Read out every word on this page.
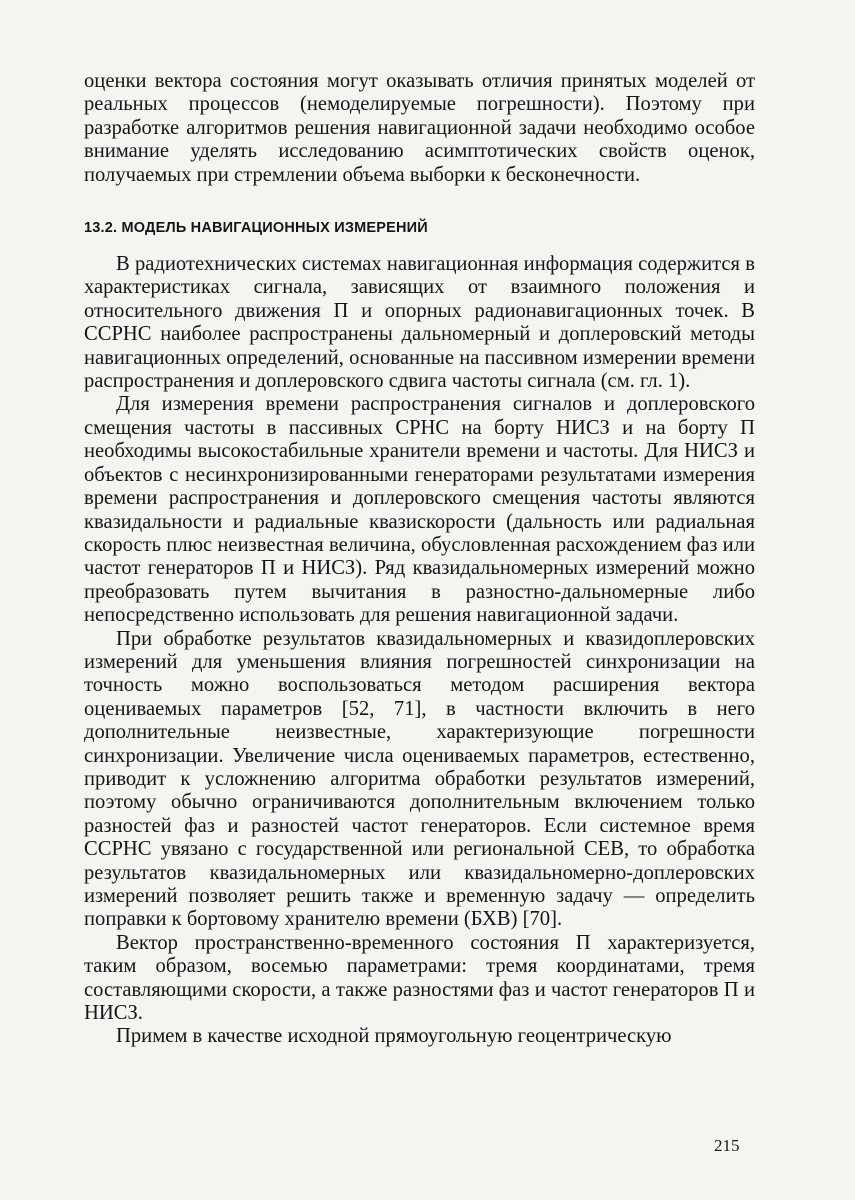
оценки вектора состояния могут оказывать отличия принятых моделей от реальных процессов (немоделируемые погрешности). Поэтому при разработке алгоритмов решения навигационной задачи необходимо особое внимание уделять исследованию асимптотических свойств оценок, получаемых при стремлении объема выборки к бесконечности.

13.2. МОДЕЛЬ НАВИГАЦИОННЫХ ИЗМЕРЕНИЙ

В радиотехнических системах навигационная информация содержится в характеристиках сигнала, зависящих от взаимного положения и относительного движения П и опорных радионавигационных точек. В ССРНС наиболее распространены дальномерный и доплеровский методы навигационных определений, основанные на пассивном измерении времени распространения и доплеровского сдвига частоты сигнала (см. гл. 1).

Для измерения времени распространения сигналов и доплеровского смещения частоты в пассивных СРНС на борту НИСЗ и на борту П необходимы высокостабильные хранители времени и частоты. Для НИСЗ и объектов с несинхронизированными генераторами результатами измерения времени распространения и доплеровского смещения частоты являются квазидальности и радиальные квазискорости (дальность или радиальная скорость плюс неизвестная величина, обусловленная расхождением фаз или частот генераторов П и НИСЗ). Ряд квазидальномерных измерений можно преобразовать путем вычитания в разностно-дальномерные либо непосредственно использовать для решения навигационной задачи.

При обработке результатов квазидальномерных и квазидоплеровских измерений для уменьшения влияния погрешностей синхронизации на точность можно воспользоваться методом расширения вектора оцениваемых параметров [52, 71], в частности включить в него дополнительные неизвестные, характеризующие погрешности синхронизации. Увеличение числа оцениваемых параметров, естественно, приводит к усложнению алгоритма обработки результатов измерений, поэтому обычно ограничиваются дополнительным включением только разностей фаз и разностей частот генераторов. Если системное время ССРНС увязано с государственной или региональной СЕВ, то обработка результатов квазидальномерных или квазидальномерно-доплеровских измерений позволяет решить также и временную задачу — определить поправки к бортовому хранителю времени (БХВ) [70].

Вектор пространственно-временного состояния П характеризуется, таким образом, восемью параметрами: тремя координатами, тремя составляющими скорости, а также разностями фаз и частот генераторов П и НИСЗ.

Примем в качестве исходной прямоугольную геоцентрическую

215
